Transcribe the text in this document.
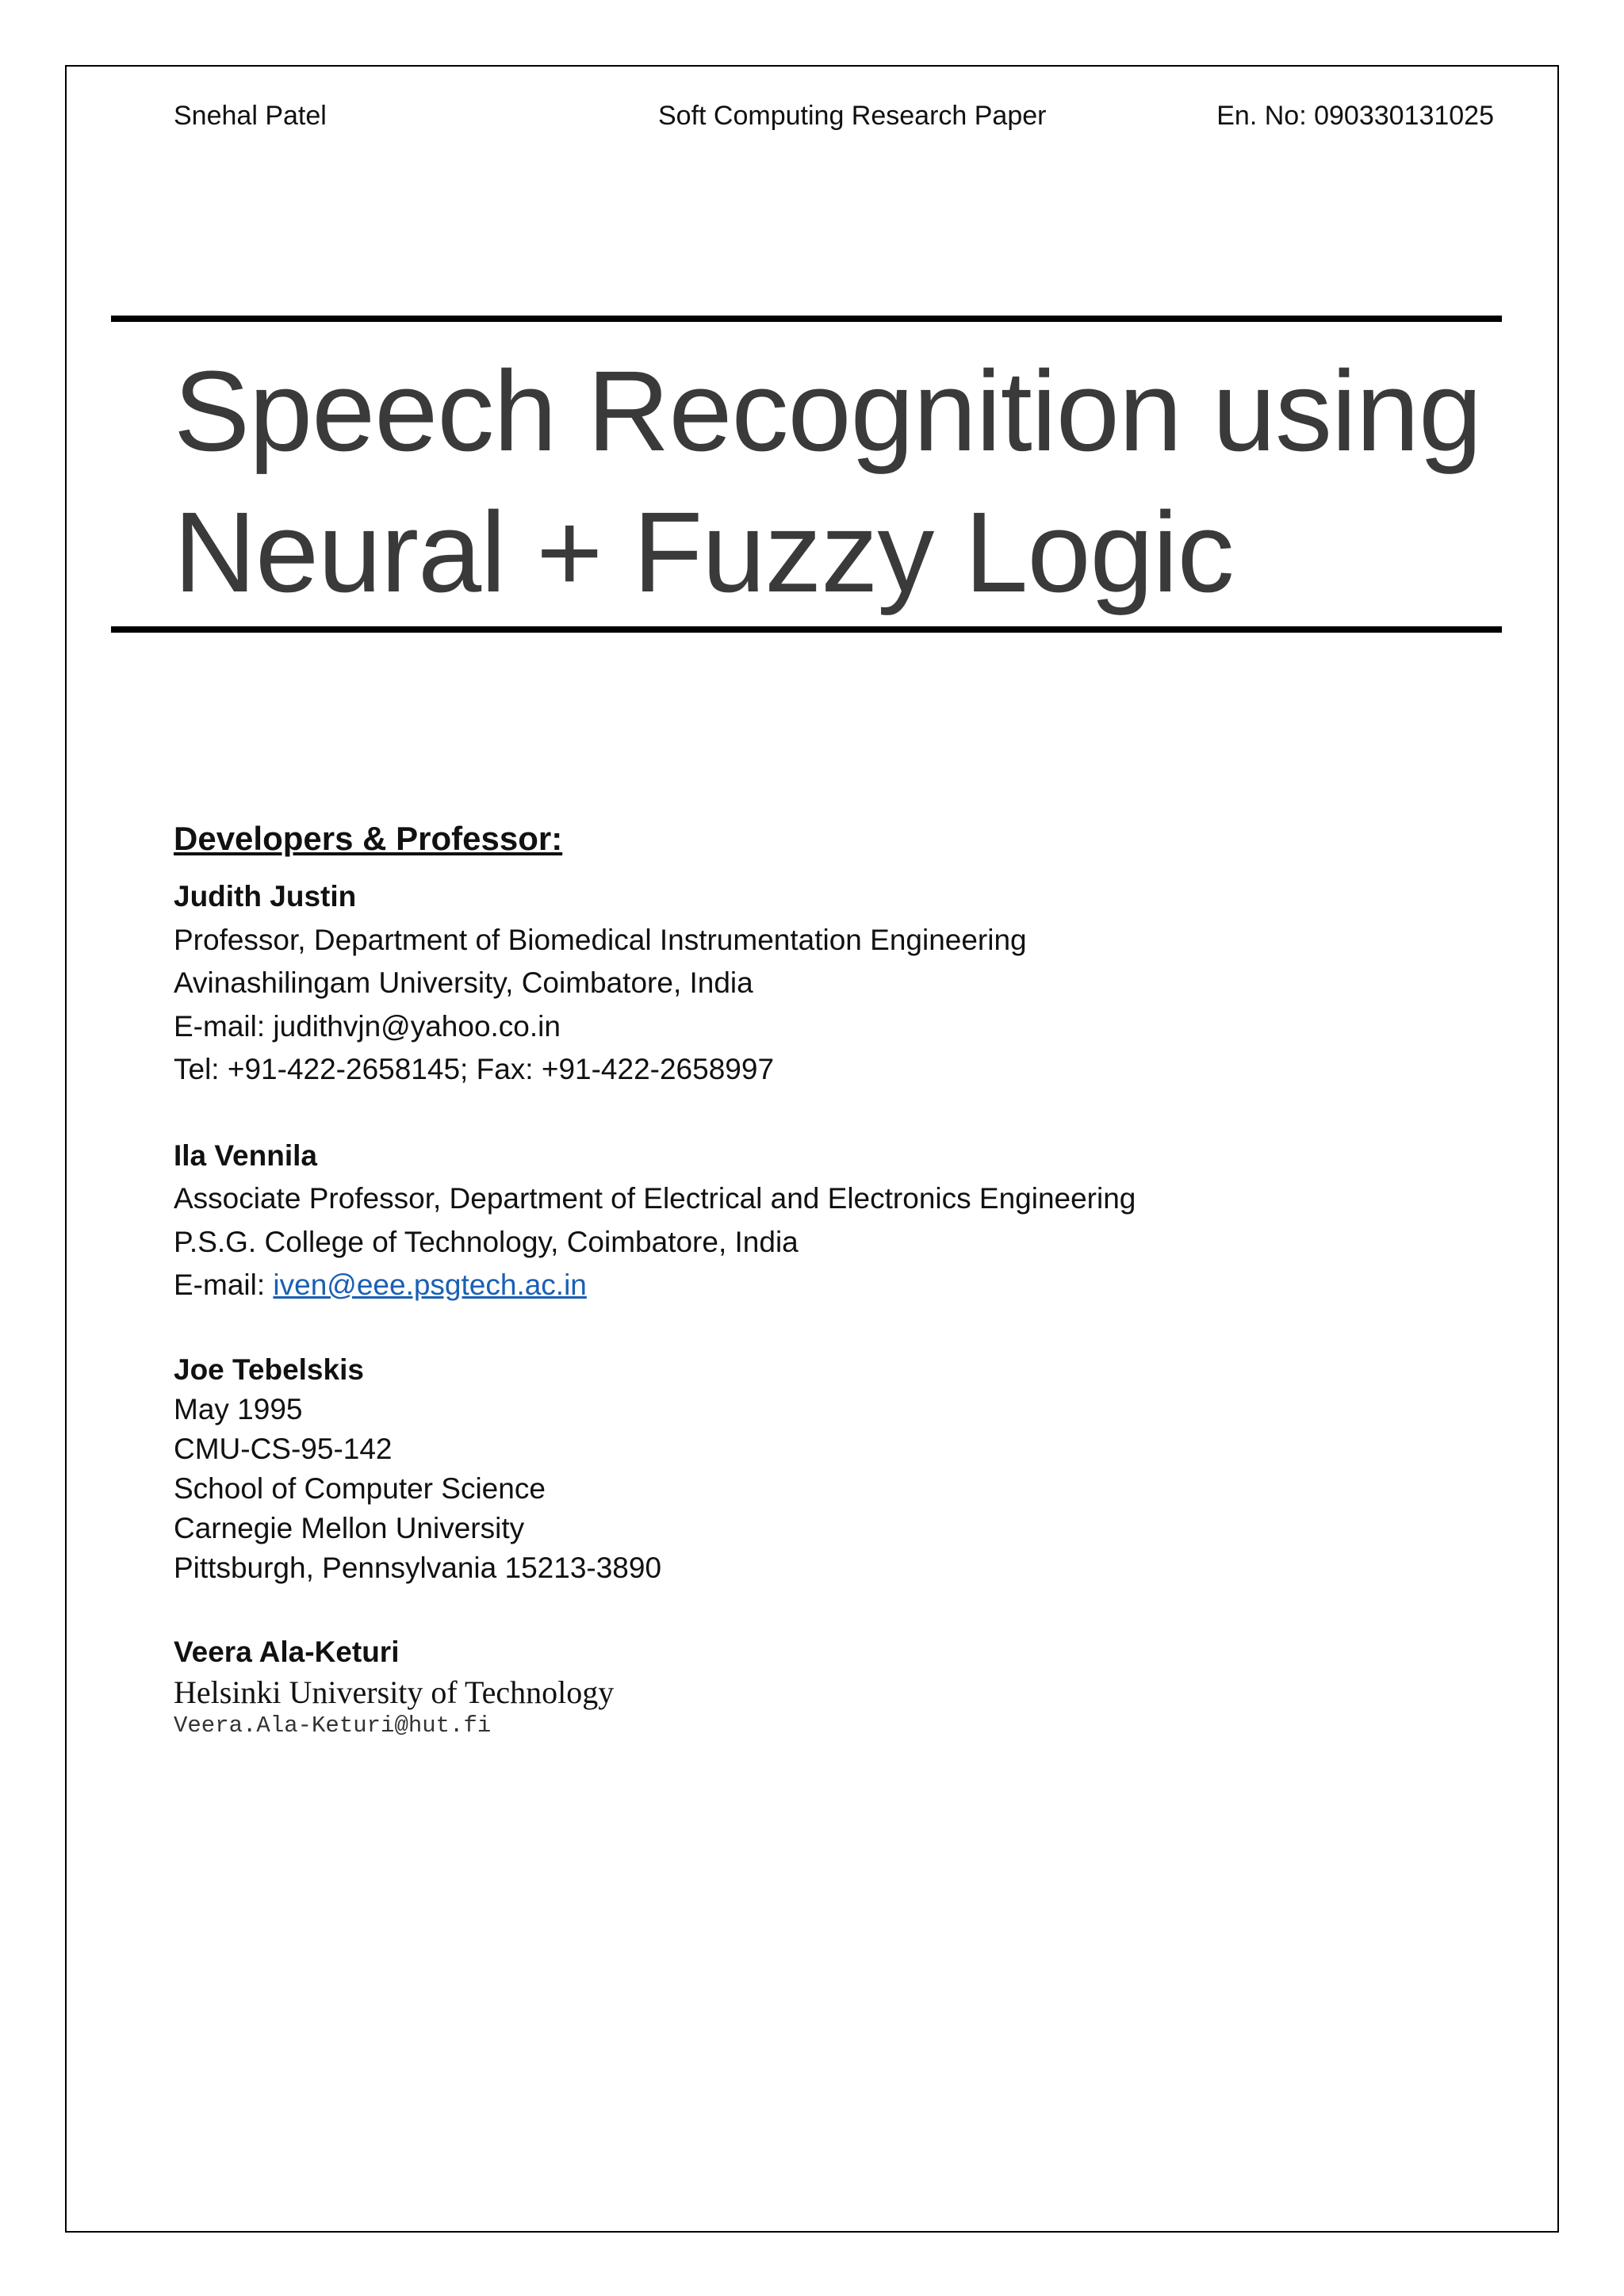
Snehal Patel	Soft Computing Research Paper	En. No: 090330131025
Speech Recognition using
Neural + Fuzzy Logic
Developers & Professor:
Judith Justin
Professor, Department of Biomedical Instrumentation Engineering
Avinashilingam University, Coimbatore, India
E-mail: judithvjn@yahoo.co.in
Tel: +91-422-2658145; Fax: +91-422-2658997
Ila Vennila
Associate Professor, Department of Electrical and Electronics Engineering
P.S.G. College of Technology, Coimbatore, India
E-mail: iven@eee.psgtech.ac.in
Joe Tebelskis
May 1995
CMU-CS-95-142
School of Computer Science
Carnegie Mellon University
Pittsburgh, Pennsylvania 15213-3890
Veera Ala-Keturi
Helsinki University of Technology
Veera.Ala-Keturi@hut.fi
